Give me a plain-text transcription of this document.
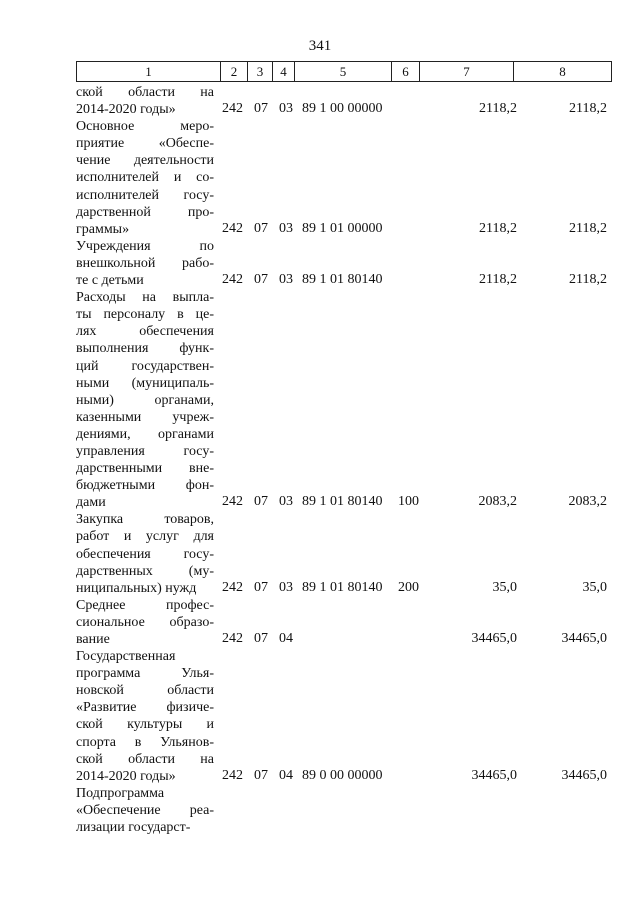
341
1	2	3	4	5	6	7	8
ской области на
2014-2020 годы»	242 07 03 89 1 00 00000	2118,2	2118,2
Основное меро-
приятие «Обеспе-
чение деятельности
исполнителей и со-
исполнителей госу-
дарственной про-
граммы»	242 07 03 89 1 01 00000	2118,2	2118,2
Учреждения по
внешкольной рабо-
те с детьми	242 07 03 89 1 01 80140	2118,2	2118,2
Расходы на выпла-
ты персоналу в це-
лях обеспечения
выполнения функ-
ций государствен-
ными (муниципаль-
ными) органами,
казенными учреж-
дениями, органами
управления госу-
дарственными вне-
бюджетными фон-
дами	242 07 03 89 1 01 80140 100	2083,2	2083,2
Закупка товаров,
работ и услуг для
обеспечения госу-
дарственных (му-
ниципальных) нужд	242 07 03 89 1 01 80140 200	35,0	35,0
Среднее профес-
сиональное образо-
вание	242 07 04	34465,0	34465,0
Государственная
программа Улья-
новской области
«Развитие физиче-
ской культуры и
спорта в Ульянов-
ской области на
2014-2020 годы»	242 07 04 89 0 00 00000	34465,0	34465,0
Подпрограмма
«Обеспечение реа-
лизации государст-
